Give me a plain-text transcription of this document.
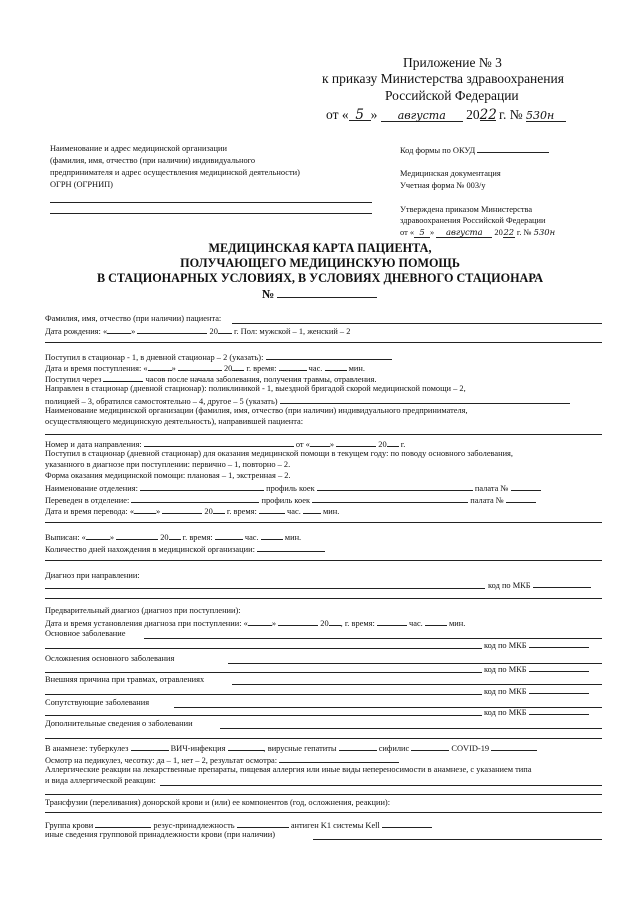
Приложение № 3
к приказу Министерства здравоохранения
Российской Федерации
от « 5 » августа 2022 г. № 530н
Наименование и адрес медицинской организации
(фамилия, имя, отчество (при наличии) индивидуального
предпринимателя и адрес осуществления медицинской деятельности)
ОГРН (ОГРНИП)
Код формы по ОКУД
Медицинская документация
Учетная форма № 003/у
Утверждена приказом Министерства
здравоохранения Российской Федерации
от « 5 » августа 2022 г. № 530н
МЕДИЦИНСКАЯ КАРТА ПАЦИЕНТА,
ПОЛУЧАЮЩЕГО МЕДИЦИНСКУЮ ПОМОЩЬ
В СТАЦИОНАРНЫХ УСЛОВИЯХ, В УСЛОВИЯХ ДНЕВНОГО СТАЦИОНАРА
№
Фамилия, имя, отчество (при наличии) пациента:
Дата рождения: «	»	20 г. Пол: мужской – 1, женский – 2
Поступил в стационар - 1, в дневной стационар – 2 (указать):
Дата и время поступления: «	»	20 г. время:	час.	мин.
Поступил через	часов после начала заболевания, получения травмы, отравления.
Направлен в стационар (дневной стационар): поликлиникой - 1, выездной бригадой скорой медицинской помощи – 2,
полицией – 3, обратился самостоятельно – 4, другое – 5 (указать)
Наименование медицинской организации (фамилия, имя, отчество (при наличии) индивидуального предпринимателя,
осуществляющего медицинскую деятельность), направившей пациента:
Номер и дата направления:	от « »	20 г.
Поступил в стационар (дневной стационар) для оказания медицинской помощи в текущем году: по поводу основного заболевания,
указанного в диагнозе при поступлении: первично – 1, повторно – 2.
Форма оказания медицинской помощи: плановая – 1, экстренная – 2.
Наименование отделения:	профиль коек	палата №
Переведен в отделение:	профиль коек	палата №
Дата и время перевода: «	»	20 г. время:	час.	мин.
Выписан: «	»	20 г. время:	час.	мин.
Количество дней нахождения в медицинской организации:
Диагноз при направлении:
код по МКБ
Предварительный диагноз (диагноз при поступлении):
Дата и время установления диагноза при поступлении: «	»	20 , г. время:	час.	мин.
Основное заболевание
код по МКБ
Осложнения основного заболевания
код по МКБ
Внешняя причина при травмах, отравлениях
код по МКБ
Сопутствующие заболевания
код по МКБ
Дополнительные сведения о заболевании
В анамнезе: туберкулез	ВИЧ-инфекция	, вирусные гепатиты	сифилис	COVID-19
Осмотр на педикулез, чесотку: да – 1, нет – 2, результат осмотра:
Аллергические реакции на лекарственные препараты, пищевая аллергия или иные виды непереносимости в анамнезе, с указанием типа
и вида аллергической реакции:
Трансфузии (переливания) донорской крови и (или) ее компонентов (год, осложнения, реакции):
Группа крови	резус-принадлежность	антиген K1 системы Kell
иные сведения групповой принадлежности крови (при наличии)
